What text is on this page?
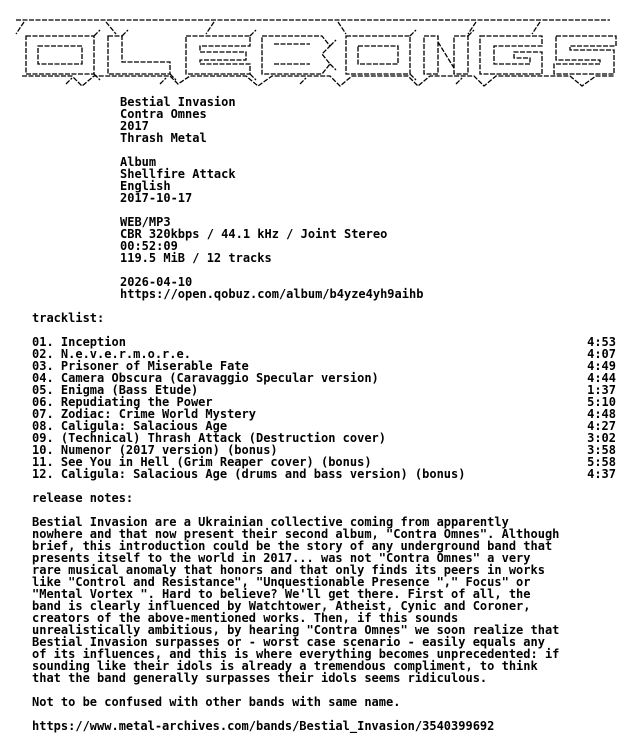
Bestial Invasion
Contra Omnes
2017
Thrash Metal
Album
Shellfire Attack
English
2017-10-17
WEB/MP3
CBR 320kbps / 44.1 kHz / Joint Stereo
00:52:09
119.5 MiB / 12 tracks
2026-04-10
https://open.qobuz.com/album/b4yze4yh9aihb
tracklist:
01. Inception	4:53
02. N.e.v.e.r.m.o.r.e.	4:07
03. Prisoner of Miserable Fate	4:49
04. Camera Obscura (Caravaggio Specular version)	4:44
05. Enigma (Bass Etude)	1:37
06. Repudiating the Power	5:10
07. Zodiac: Crime World Mystery	4:48
08. Caligula: Salacious Age	4:27
09. (Technical) Thrash Attack (Destruction cover)	3:02
10. Numenor (2017 version) (bonus)	3:58
11. See You in Hell (Grim Reaper cover) (bonus)	5:58
12. Caligula: Salacious Age (drums and bass version) (bonus)	4:37
release notes:
Bestial Invasion are a Ukrainian collective coming from apparently
nowhere and that now present their second album, "Contra Omnes". Although
brief, this introduction could be the story of any underground band that
presents itself to the world in 2017... was not "Contra Omnes" a very
rare musical anomaly that honors and that only finds its peers in works
like "Control and Resistance", "Unquestionable Presence "," Focus" or
"Mental Vortex ". Hard to believe? We'll get there. First of all, the
band is clearly influenced by Watchtower, Atheist, Cynic and Coroner,
creators of the above-mentioned works. Then, if this sounds
unrealistically ambitious, by hearing "Contra Omnes" we soon realize that
Bestial Invasion surpasses or - worst case scenario - easily equals any
of its influences, and this is where everything becomes unprecedented: if
sounding like their idols is already a tremendous compliment, to think
that the band generally surpasses their idols seems ridiculous.
Not to be confused with other bands with same name.
https://www.metal-archives.com/bands/Bestial_Invasion/3540399692
